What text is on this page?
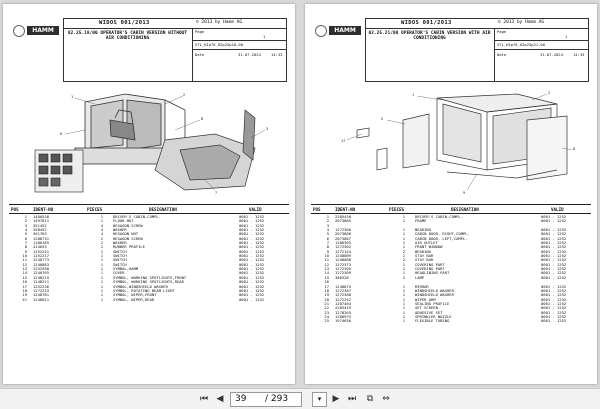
HAMM
WIDOS 001/2013	© 2013 by Hamm AG
02.25.18/00 OPERATOR'S CABIN VERSION WITHOUT AIR CONDITIONING
Page
1
STL_HIp76_02p25p18-00
Date	31.07.2024	14:33
1	2
8
3
6
7
POS	IDENT-NO	PIECES	DESIGNATION	VALID
1 1480538	1	DRIVER'S CABIN,COMPL.	0001 - 1252
2 1497811	1	FLOOR MAT	0001 - 1252
3 351452	4	HEXAGON SCREW	0001 - 1252
4 358452	4	WASHER	0001 - 1252
5 361763	4	HEXAGON NUT	0001 - 1252
6 1288731	2	HEXAGON SCREW	0001 - 1252
7 1180185	2	WASHER	0001 - 1252
8 414653	1	RUBBER PROFILE	0001 - 1252
9 1252241	1	SWITCH	0001 - 1252
10 1252217	1	SWITCH	0001 - 1252
11 1240773	1	SWITCH	0001 - 1252
12 1240883	1	SWITCH	0001 - 1252
13 1252958	1	SYMBOL,HAMM	0001 - 1252
14 1240765	1	COVER	0001 - 1252
15 1248215	1	SYMBOL, WORKING SPOTLIGHTS,FRONT	0001 - 1252
16 1248211	1	SYMBOL, WORKING SPOTLIGHTS,REAR	0001 - 1252
17 1252236	1	SYMBOL,WINDSHIELD WASHER	0001 - 1252
18 1272233	1	SYMBOL, ROTATING BEAM LIGHT	0001 - 1252
19 1248781	1	SYMBOL, WIPER,FRONT	0001 - 1252
41 1248811	1	SYMBOL, WIPER,REAR	0001 - 1252
HAMM
WIDOS 001/2013	© 2013 by Hamm AG
02.25.21/00 OPERATOR'S CABIN VERSION WITH AIR CONDITIONING
Page
1
STL_HIp76_02p25p21-00
Date	31.07.2024	14:33
1	2
5
17
6
9
POS	IDENT-NO	PIECES	DESIGNATION	VALID
1 2285430	1	DRIVER'S CABIN,COMPL.	0001 - 1252
2 2073885	1	FRAME	0001 - 1252
3
4 1272300	1	BEARING	0001 - 1252
5 2073886	1	CABIN DOOR, RIGHT,COMPL.	0001 - 1252
6 2073887	1	CABIN DOOR, LEFT,COMPL.	0001 - 1252
7 1286305	1	AIR OUTLET	0001 - 1252
8 1272302	1	FRONT WINDOW	0001 - 1252
9 1272144	2	BEARING	0001 - 1252
10 1248089	2	STAY BAR	0001 - 1252
11 1248088	2	STAY BAR	0001 - 1252
12 1272373	1	COVERING PART	0001 - 1252
13 1272305	1	COVERING PART	0001 - 1252
14 1272309	1	HEADLINING PART	0001 - 1252
15 366528	2	LAMP	0001 - 1252
16
17 1248875	1	MIRROR	0001 - 1252
18 1272387	1	WINDSHIELD WASHER	0001 - 1252
19 1272388	1	WINDSHIELD WASHER	0001 - 1252
20 1272252	1	WIPER ARM	0001 - 1252
21 1287484	1	SEALING PROFILE	0001 - 1252
22 2285419	1	SET SCREEN	0001 - 1252
23 1278265	1	ADHESIVE SET	0001 - 1252
24 1280975	1	SPRINKLER NOZZLE	0001 - 1252
25 1974656	1	FLEXIBLE TUBING	0001 - 1252
⏮ ◀ 39 / 293	▾	▶ ⏭	⧉	⇔
